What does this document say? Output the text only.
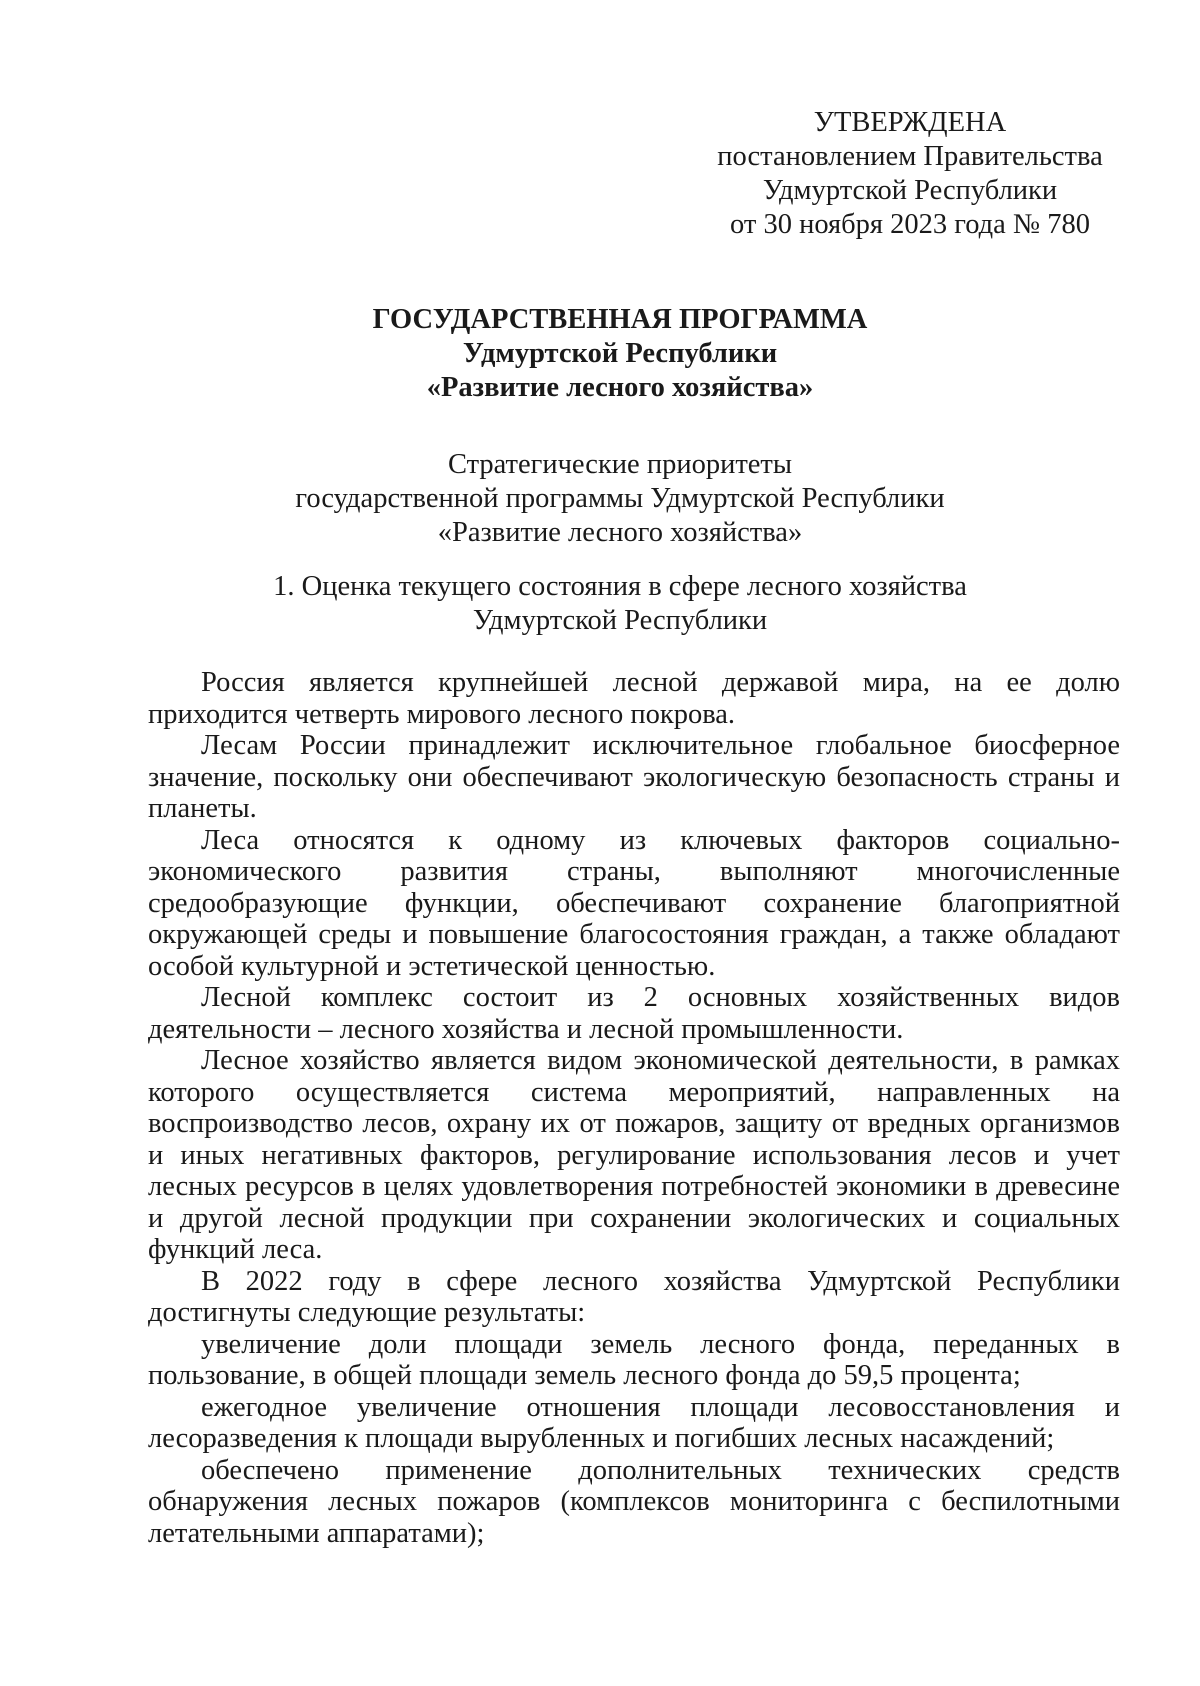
УТВЕРЖДЕНА
постановлением Правительства
Удмуртской Республики
от 30 ноября 2023 года № 780
ГОСУДАРСТВЕННАЯ ПРОГРАММА
Удмуртской Республики
«Развитие лесного хозяйства»
Стратегические приоритеты
государственной программы Удмуртской Республики
«Развитие лесного хозяйства»
1. Оценка текущего состояния в сфере лесного хозяйства
Удмуртской Республики

Россия является крупнейшей лесной державой мира, на ее долю приходится четверть мирового лесного покрова.

Лесам России принадлежит исключительное глобальное биосферное значение, поскольку они обеспечивают экологическую безопасность страны и планеты.

Леса относятся к одному из ключевых факторов социально-экономического развития страны, выполняют многочисленные средообразующие функции, обеспечивают сохранение благоприятной окружающей среды и повышение благосостояния граждан, а также обладают особой культурной и эстетической ценностью.

Лесной комплекс состоит из 2 основных хозяйственных видов деятельности – лесного хозяйства и лесной промышленности.

Лесное хозяйство является видом экономической деятельности, в рамках которого осуществляется система мероприятий, направленных на воспроизводство лесов, охрану их от пожаров, защиту от вредных организмов и иных негативных факторов, регулирование использования лесов и учет лесных ресурсов в целях удовлетворения потребностей экономики в древесине и другой лесной продукции при сохранении экологических и социальных функций леса.

В 2022 году в сфере лесного хозяйства Удмуртской Республики достигнуты следующие результаты:

увеличение доли площади земель лесного фонда, переданных в пользование, в общей площади земель лесного фонда до 59,5 процента;

ежегодное увеличение отношения площади лесовосстановления и лесоразведения к площади вырубленных и погибших лесных насаждений;

обеспечено применение дополнительных технических средств обнаружения лесных пожаров (комплексов мониторинга с беспилотными летательными аппаратами);
